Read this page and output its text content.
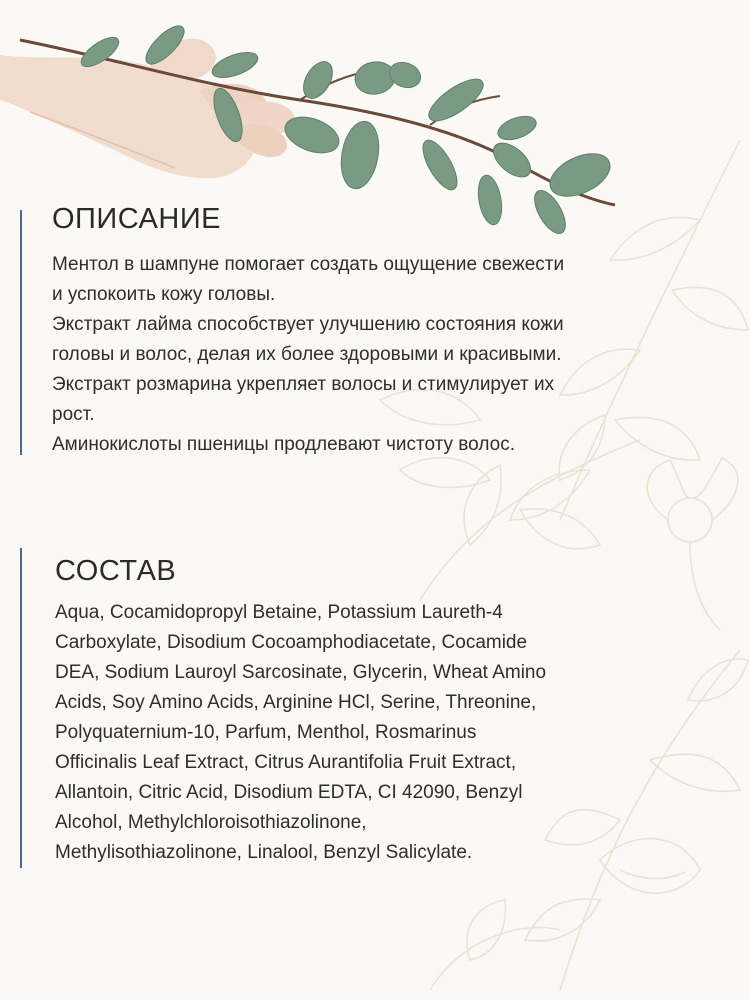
ОПИСАНИЕ

Ментол в шампуне помогает создать ощущение свежести

и успокоить кожу головы.

Экстракт лайма способствует улучшению состояния кожи

головы и волос, делая их более здоровыми и красивыми.

Экстракт розмарина укрепляет волосы и стимулирует их

рост.

Аминокислоты пшеницы продлевают чистоту волос.

СОСТАВ

Aqua, Cocamidopropyl Betaine, Potassium Laureth-4

Carboxylate, Disodium Cocoamphodiacetate, Cocamide

DEA, Sodium Lauroyl Sarcosinate, Glycerin, Wheat Amino

Acids, Soy Amino Acids, Arginine HCl, Serine, Threonine,

Polyquaternium-10, Parfum, Menthol, Rosmarinus

Officinalis Leaf Extract, Citrus Aurantifolia Fruit Extract,

Allantoin, Citric Acid, Disodium EDTA, CI 42090, Benzyl

Alcohol, Methylchloroisothiazolinone,

Methylisothiazolinone, Linalool, Benzyl Salicylate.
